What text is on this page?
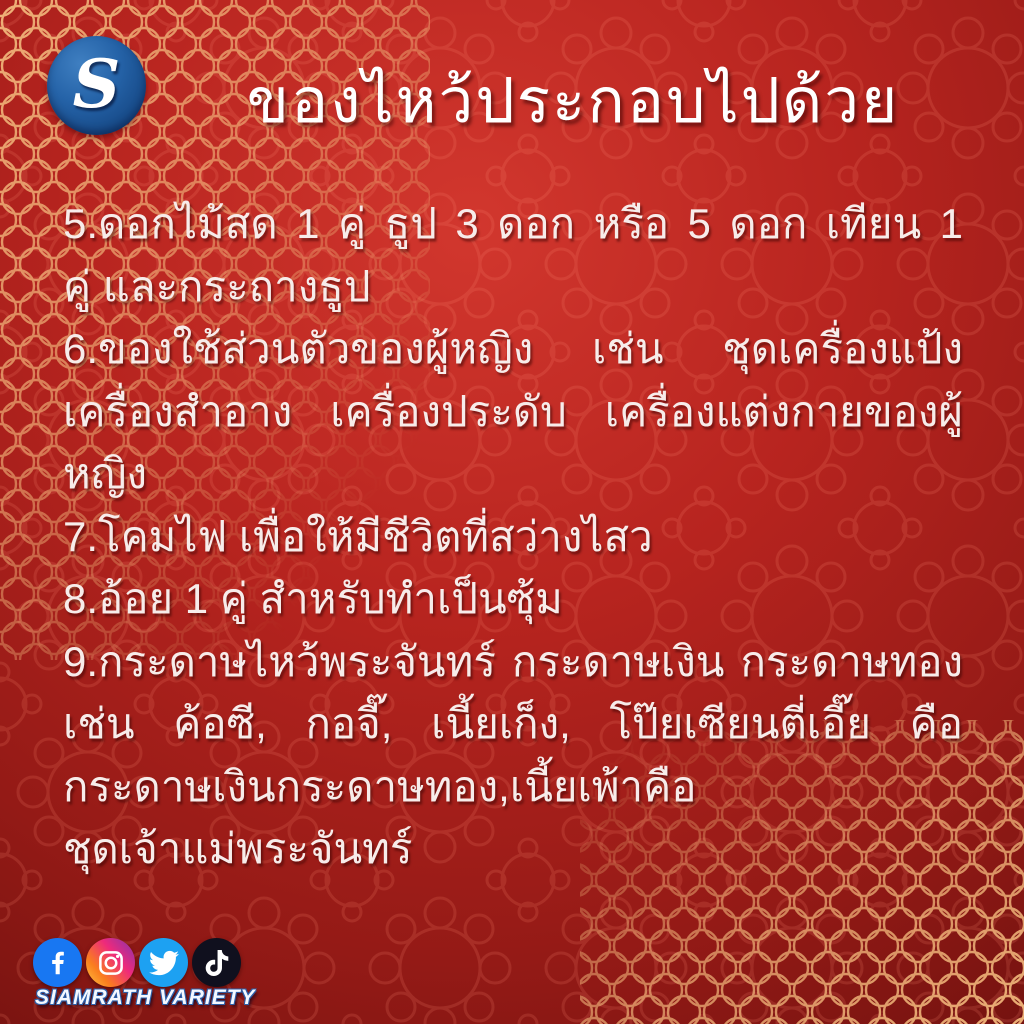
S	ของไหว้ประกอบไปด้วย
5.ดอกไม้สด 1 คู่ ธูป 3 ดอก หรือ 5 ดอก เทียน 1
คู่ และกระถางธูป
6.ของใช้ส่วนตัวของผู้หญิง เช่น ชุดเครื่องแป้ง
เครื่องสำอาง เครื่องประดับ เครื่องแต่งกายของผู้
หญิง
7.โคมไฟ เพื่อให้มีชีวิตที่สว่างไสว
8.อ้อย 1 คู่ สำหรับทำเป็นซุ้ม
9.กระดาษไหว้พระจันทร์ กระดาษเงิน กระดาษทอง
เช่น ค้อซี, กอจี๊, เนี้ยเก็ง, โป๊ยเซียนตี่เอี๊ย คือ
กระดาษเงินกระดาษทอง,เนี้ยเพ้าคือ
ชุดเจ้าแม่พระจันทร์
SIAMRATH VARIETY
